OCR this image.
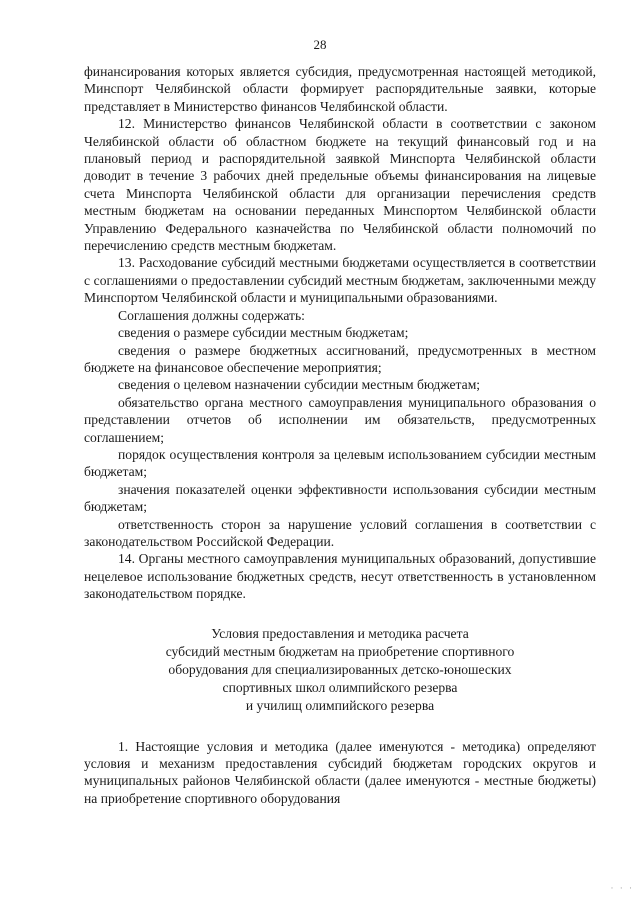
28

финансирования которых является субсидия, предусмотренная настоящей методикой, Минспорт Челябинской области формирует распорядительные заявки, которые представляет в Министерство финансов Челябинской области.

12. Министерство финансов Челябинской области в соответствии с законом Челябинской области об областном бюджете на текущий финансовый год и на плановый период и распорядительной заявкой Минспорта Челябинской области доводит в течение 3 рабочих дней предельные объемы финансирования на лицевые счета Минспорта Челябинской области для организации перечисления средств местным бюджетам на основании переданных Минспортом Челябинской области Управлению Федерального казначейства по Челябинской области полномочий по перечислению средств местным бюджетам.

13. Расходование субсидий местными бюджетами осуществляется в соответствии с соглашениями о предоставлении субсидий местным бюджетам, заключенными между Минспортом Челябинской области и муниципальными образованиями.

Соглашения должны содержать:

сведения о размере субсидии местным бюджетам;

сведения о размере бюджетных ассигнований, предусмотренных в местном бюджете на финансовое обеспечение мероприятия;

сведения о целевом назначении субсидии местным бюджетам;

обязательство органа местного самоуправления муниципального образования о представлении отчетов об исполнении им обязательств, предусмотренных соглашением;

порядок осуществления контроля за целевым использованием субсидии местным бюджетам;

значения показателей оценки эффективности использования субсидии местным бюджетам;

ответственность сторон за нарушение условий соглашения в соответствии с законодательством Российской Федерации.

14. Органы местного самоуправления муниципальных образований, допустившие нецелевое использование бюджетных средств, несут ответственность в установленном законодательством порядке.

Условия предоставления и методика расчета
субсидий местным бюджетам на приобретение спортивного
оборудования для специализированных детско-юношеских
спортивных школ олимпийского резерва
и училищ олимпийского резерва

1. Настоящие условия и методика (далее именуются - методика) определяют условия и механизм предоставления субсидий бюджетам городских округов и муниципальных районов Челябинской области (далее именуются - местные бюджеты) на приобретение спортивного оборудования

· · ·
